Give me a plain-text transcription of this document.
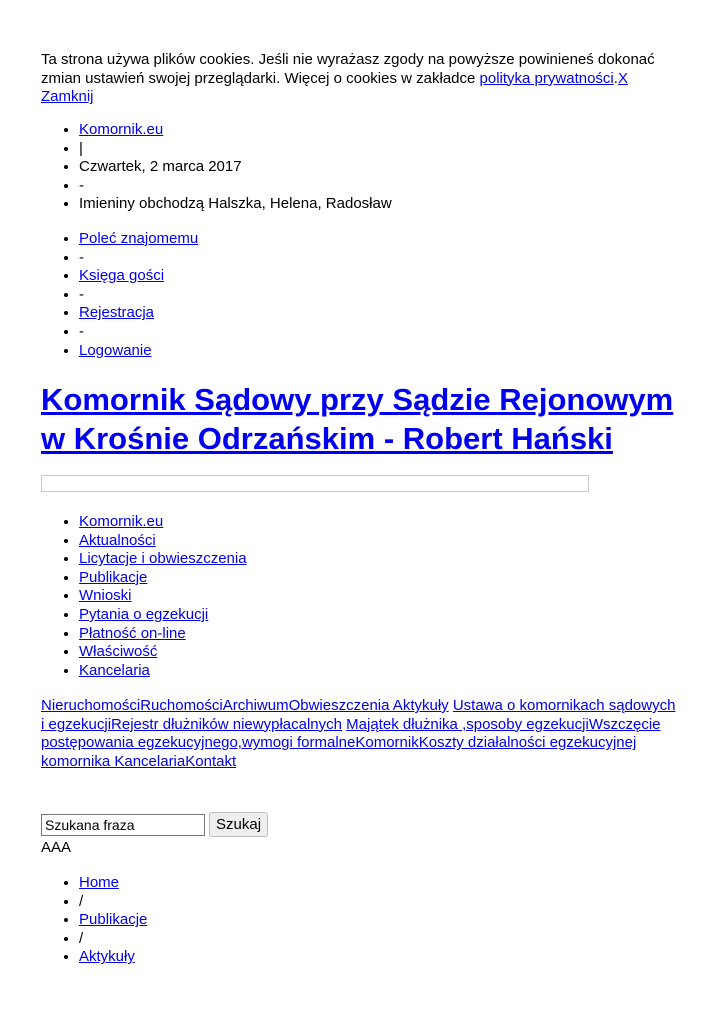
Ta strona używa plików cookies. Jeśli nie wyrażasz zgody na powyższe powinieneś dokonać zmian ustawień swojej przeglądarki. Więcej o cookies w zakładce polityka prywatności.X Zamknij
• Komornik.eu
• |
• Czwartek, 2 marca 2017
• -
• Imieniny obchodzą Halszka, Helena, Radosław
• Poleć znajomemu
• -
• Księga gości
• -
• Rejestracja
• -
• Logowanie
Komornik Sądowy przy Sądzie Rejonowym w Krośnie Odrzańskim - Robert Hański
• Komornik.eu
• Aktualności
• Licytacje i obwieszczenia
• Publikacje
• Wnioski
• Pytania o egzekucji
• Płatność on-line
• Właściwość
• Kancelaria
NieruchomościRuchomościArchiwumObwieszczenia Aktykuły Ustawa o komornikach sądowych i egzekucjiRejestr dłużników niewypłacalnych Majątek dłużnika ,sposoby egzekucjiWszczęcie postępowania egzekucyjnego,wymogi formalneKomornikKoszty działalności egzekucyjnej komornika KancelariaKontakt
Szukana fraza
Szukaj
AAA
• Home
• /
• Publikacje
• /
• Aktykuły
